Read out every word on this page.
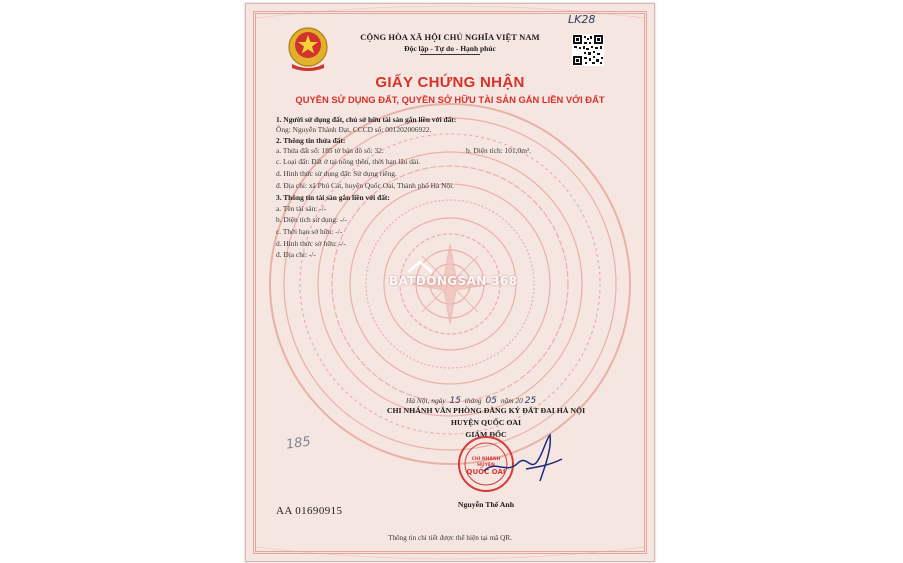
LK28
CỘNG HÒA XÃ HỘI CHỦ NGHĨA VIỆT NAM
Độc lập - Tự do - Hạnh phúc
GIẤY CHỨNG NHẬN
QUYỀN SỬ DỤNG ĐẤT, QUYỀN SỞ HỮU TÀI SẢN GẮN LIỀN VỚI ĐẤT
1. Người sử dụng đất, chủ sở hữu tài sản gắn liền với đất:
Ông: Nguyễn Thành Đạt, CCCD số: 001202006922.
2. Thông tin thửa đất:
a. Thửa đất số: 185 tờ bản đồ số: 32.	b. Diện tích: 101,0m².
c. Loại đất: Đất ở tại nông thôn, thời hạn lâu dài.
d. Hình thức sử dụng đất: Sử dụng riêng.
đ. Địa chỉ: xã Phú Cát, huyện Quốc Oai, Thành phố Hà Nội.
3. Thông tin tài sản gắn liền với đất:
a. Tên tài sản: -/-
b. Diện tích sử dụng: -/-
c. Thời hạn sở hữu: -/-
d. Hình thức sở hữu: -/-
đ. Địa chỉ: -/-
BATDONGSAN 368
Hà Nội, ngày 15 tháng 05 năm 20 25
CHI NHÁNH VĂN PHÒNG ĐĂNG KÝ ĐẤT ĐAI HÀ NỘI
HUYỆN QUỐC OAI
GIÁM ĐỐC
185
CHI NHÁNH
HUYỆN
QUỐC OAI
Nguyễn Thế Anh
AA 01690915
Thông tin chi tiết được thể hiện tại mã QR.
